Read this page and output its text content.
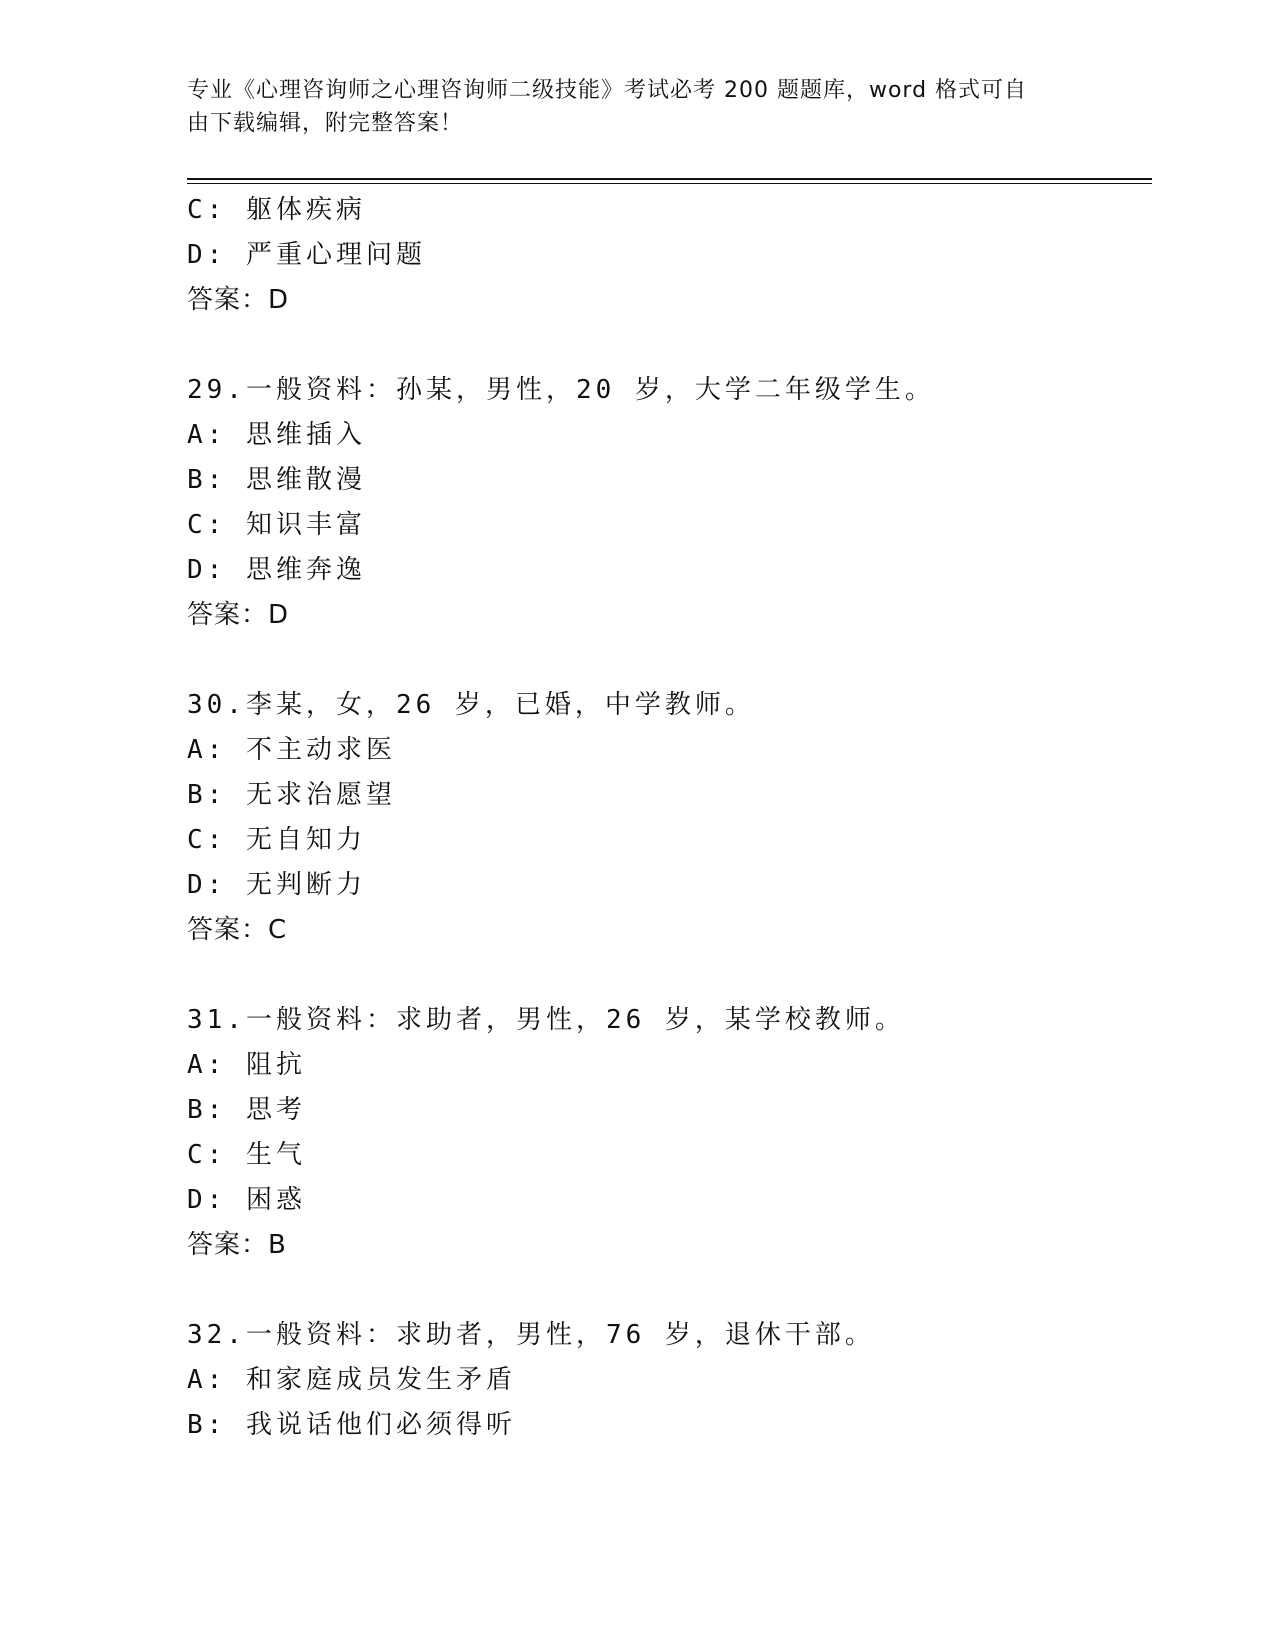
专业《心理咨询师之心理咨询师二级技能》考试必考 200 题题库，word 格式可自
由下载编辑，附完整答案！
C: 躯体疾病
D: 严重心理问题
答案：D
29.一般资料：孙某，男性，20 岁，大学二年级学生。
A: 思维插入
B: 思维散漫
C: 知识丰富
D: 思维奔逸
答案：D
30.李某，女，26 岁，已婚，中学教师。
A: 不主动求医
B: 无求治愿望
C: 无自知力
D: 无判断力
答案：C
31.一般资料：求助者，男性，26 岁，某学校教师。
A: 阻抗
B: 思考
C: 生气
D: 困惑
答案：B
32.一般资料：求助者，男性，76 岁，退休干部。
A: 和家庭成员发生矛盾
B: 我说话他们必须得听
